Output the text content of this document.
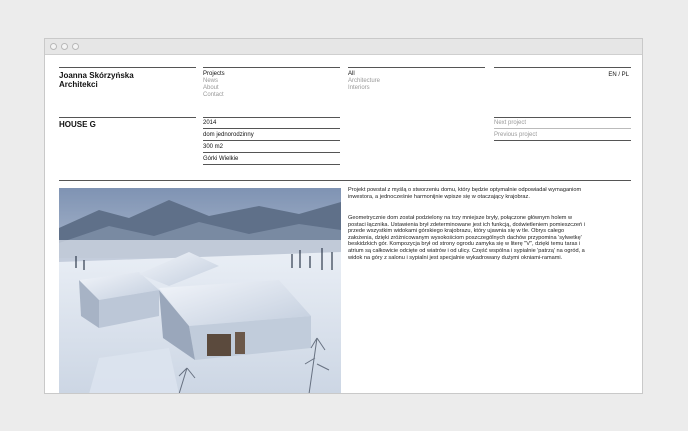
Joanna Skórzyńska
Architekci
Projects
News
About
Contact
All
Architecture
Interiors
EN / PL
HOUSE G	2014
dom jednorodzinny
300 m2
Górki Wielkie
Next project
Previous project
Projekt powstał z myślą o stworzeniu domu, który będzie optymalnie odpowiadał wymaganiom inwestora, a jednocześnie harmonijnie wpisze się w otaczający krajobraz.
Geometrycznie dom został podzielony na trzy mniejsze bryły, połączone głównym holem w postaci łącznika. Ustawienia brył zdeterminowane jest ich funkcją, doświetleniem pomieszczeń i przede wszystkim widokami górskiego krajobrazu, który ujawnia się w tle. Obrys całego założenia, dzięki zróżnicowanym wysokościom poszczególnych dachów przypomina 'sylwetkę' beskidzkich gór. Kompozycja brył od strony ogrodu zamyka się w literę "V", dzięki temu taras i atrium są całkowicie odcięte od wiatrów i od ulicy. Część wspólna i sypialnie 'patrzą' na ogród, a widok na góry z salonu i sypialni jest specjalnie wykadrowany dużymi okniami-ramami.
